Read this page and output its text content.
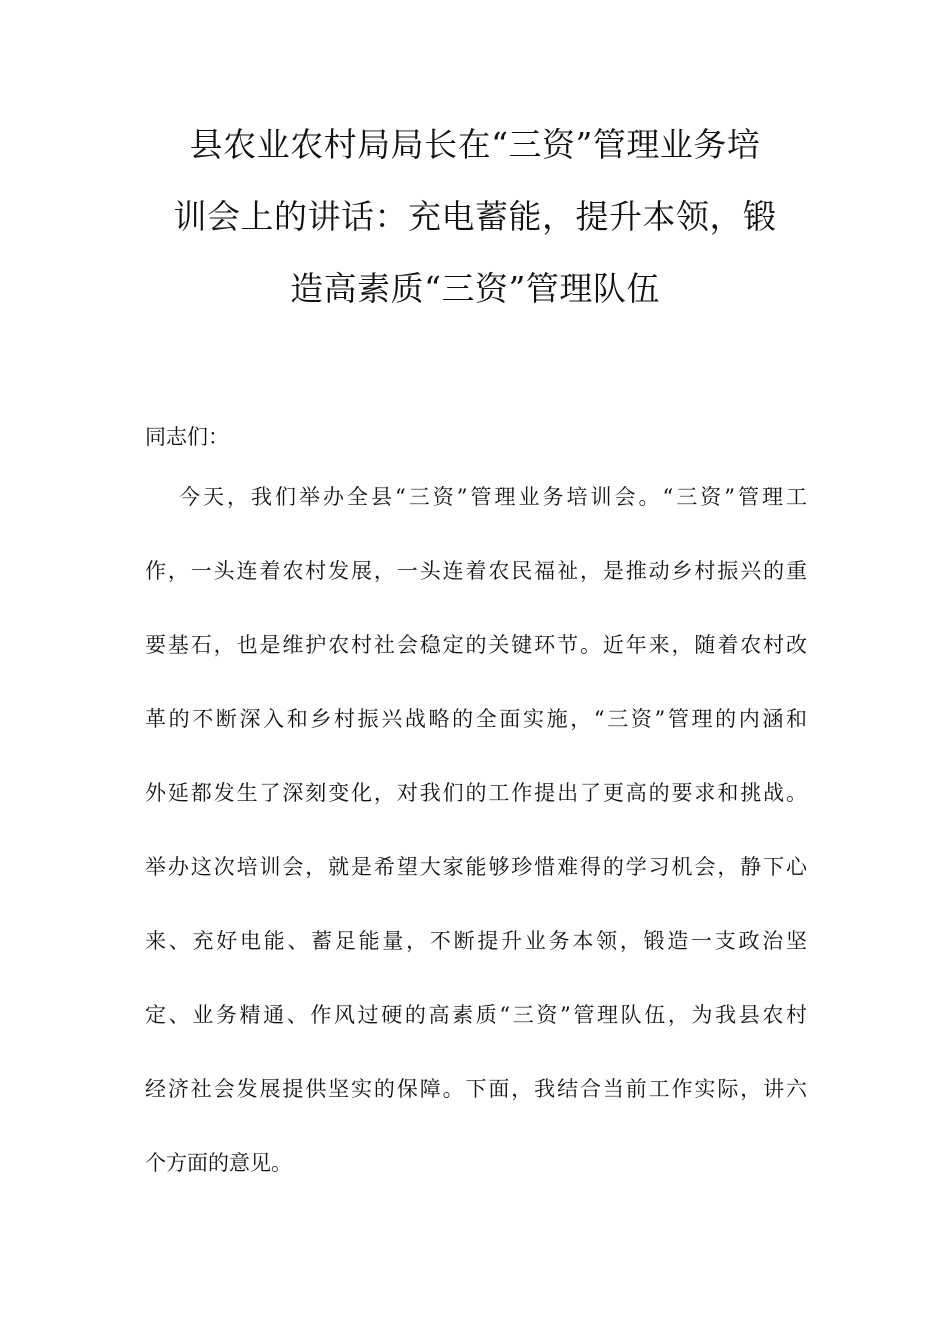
县农业农村局局长在“三资”管理业务培
训会上的讲话：充电蓄能，提升本领，锻
造高素质“三资”管理队伍
同志们：
今天，我们举办全县“三资”管理业务培训会。“三资”管理工
作，一头连着农村发展，一头连着农民福祉，是推动乡村振兴的重
要基石，也是维护农村社会稳定的关键环节。近年来，随着农村改
革的不断深入和乡村振兴战略的全面实施，“三资”管理的内涵和
外延都发生了深刻变化，对我们的工作提出了更高的要求和挑战。
举办这次培训会，就是希望大家能够珍惜难得的学习机会，静下心
来、充好电能、蓄足能量，不断提升业务本领，锻造一支政治坚
定、业务精通、作风过硬的高素质“三资”管理队伍，为我县农村
经济社会发展提供坚实的保障。下面，我结合当前工作实际，讲六
个方面的意见。
